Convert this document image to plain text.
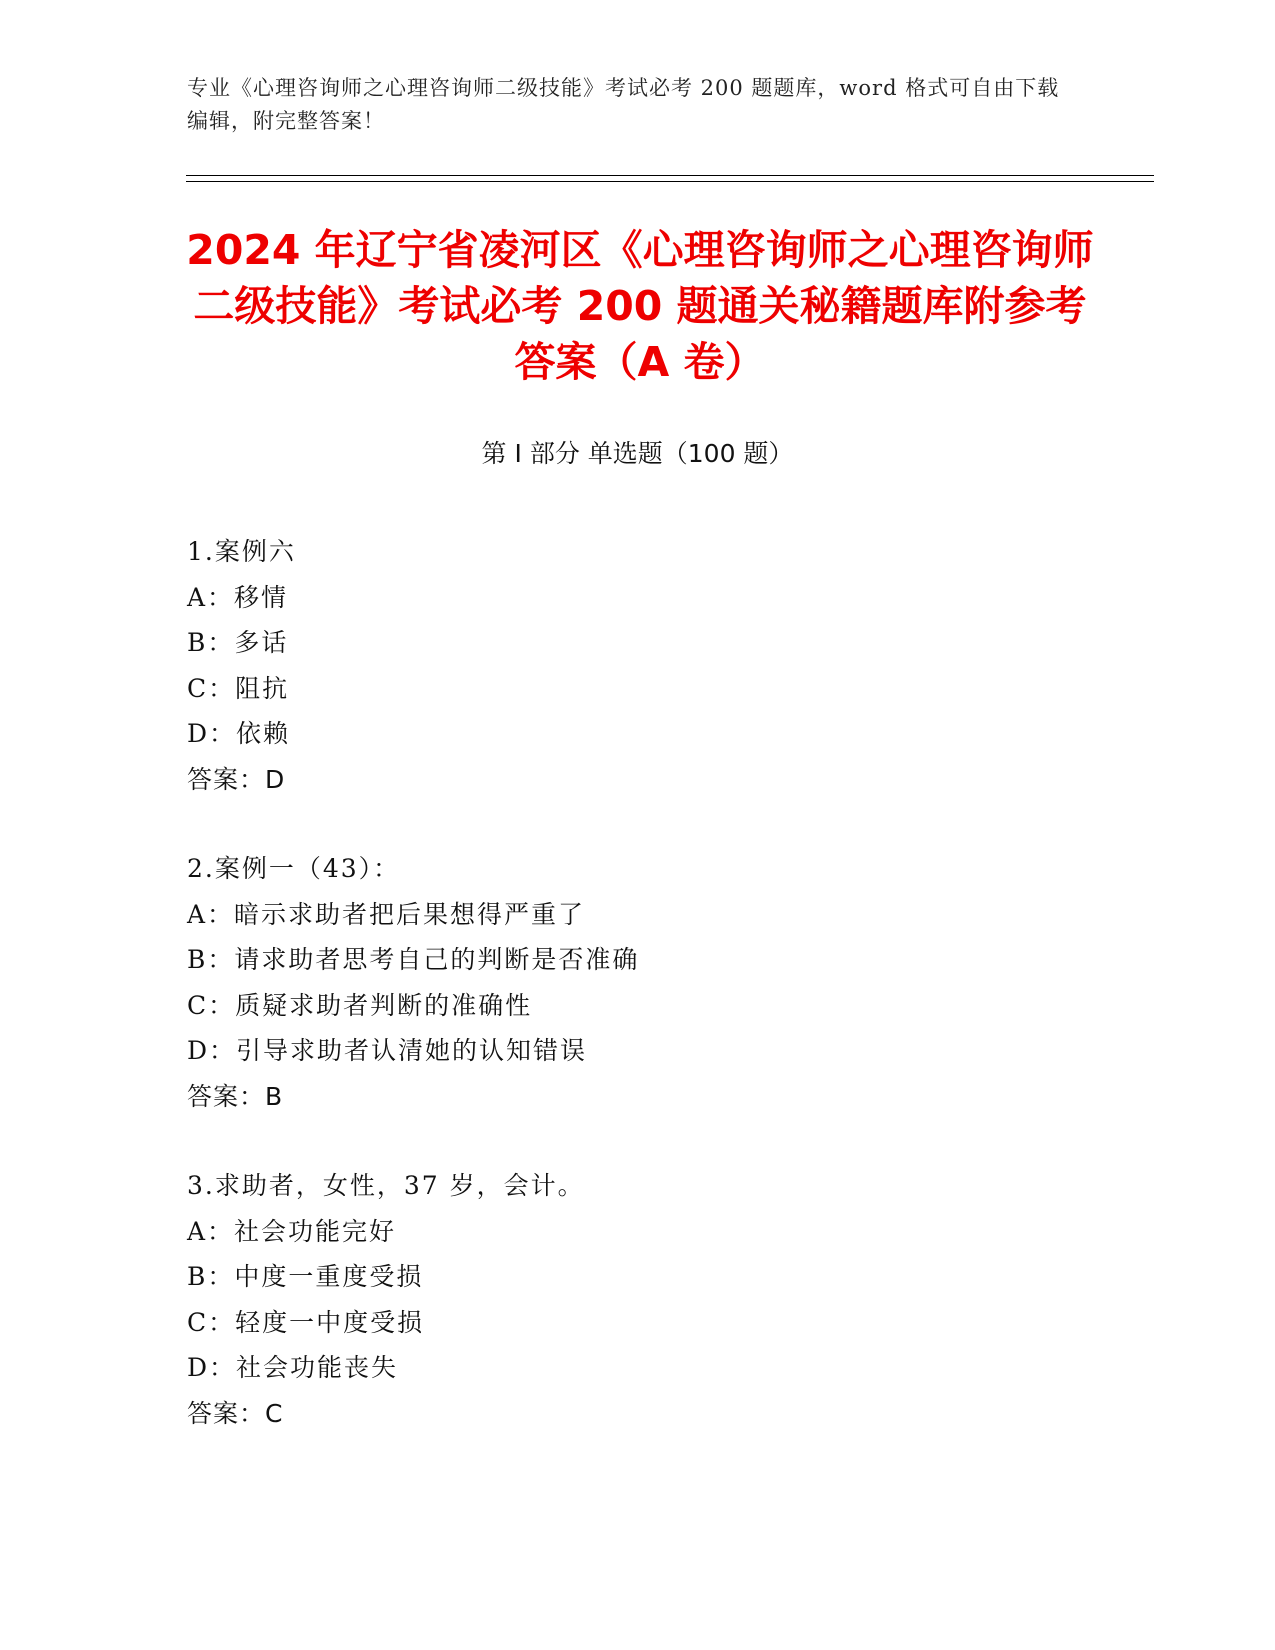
专业《心理咨询师之心理咨询师二级技能》考试必考 200 题题库，word 格式可自由下载编辑，附完整答案！
2024 年辽宁省凌河区《心理咨询师之心理咨询师二级技能》考试必考 200 题通关秘籍题库附参考答案（A 卷）
第 I 部分 单选题（100 题）
1.案例六
A：移情
B：多话
C：阻抗
D：依赖
答案：D
2.案例一（43）：
A：暗示求助者把后果想得严重了
B：请求助者思考自己的判断是否准确
C：质疑求助者判断的准确性
D：引导求助者认清她的认知错误
答案：B
3.求助者，女性，37 岁，会计。
A：社会功能完好
B：中度一重度受损
C：轻度一中度受损
D：社会功能丧失
答案：C
